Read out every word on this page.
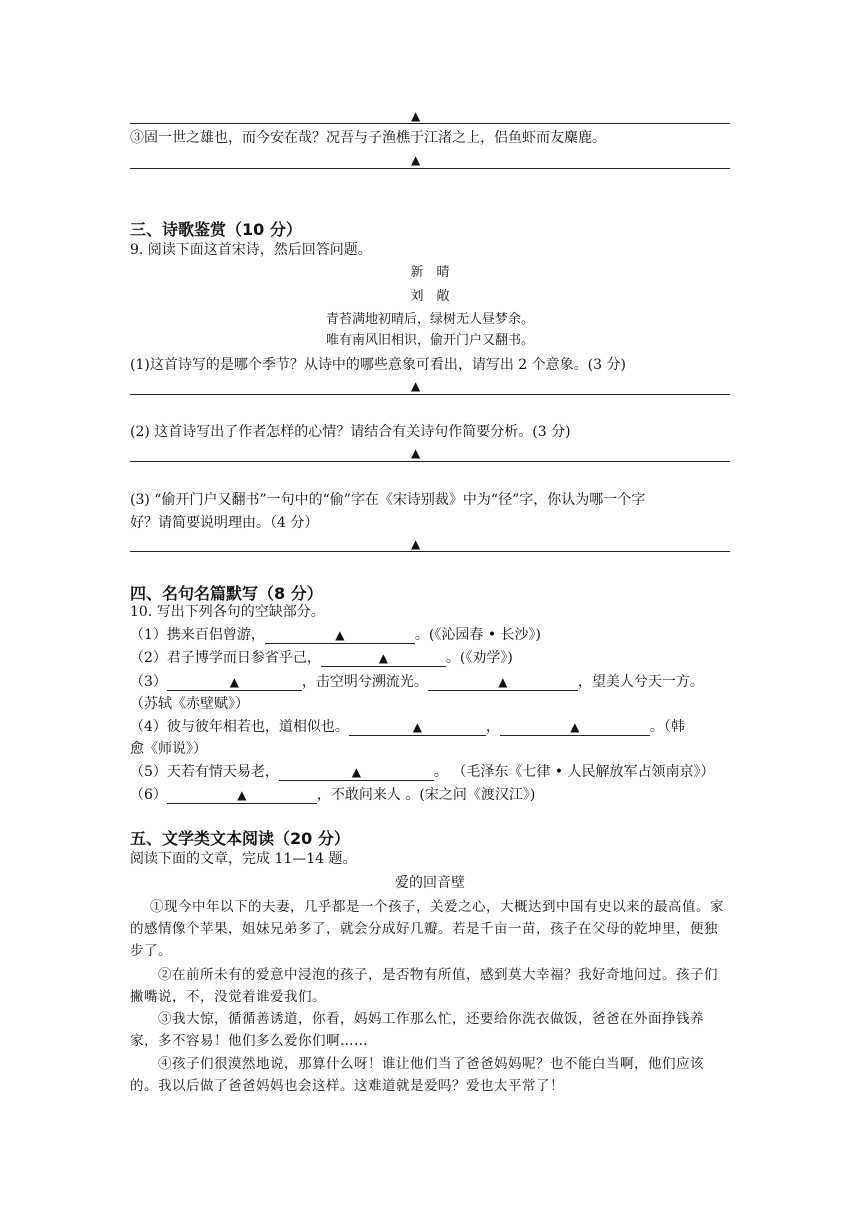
▲
③固一世之雄也，而今安在哉？况吾与子渔樵于江渚之上，侣鱼虾而友麋鹿。
▲
三、诗歌鉴赏（10 分）
9. 阅读下面这首宋诗，然后回答问题。
新　晴
刘　敞
青苔满地初晴后，绿树无人昼梦余。
唯有南风旧相识，偷开门户又翻书。
(1)这首诗写的是哪个季节？从诗中的哪些意象可看出，请写出 2 个意象。(3 分)
▲
(2) 这首诗写出了作者怎样的心情？请结合有关诗句作简要分析。(3 分)
▲
(3) “偷开门户又翻书”一句中的“偷”字在《宋诗别裁》中为“径”字，你认为哪一个字
好？请简要说明理由。（4 分）
▲
四、名句名篇默写（8 分）
10. 写出下列各句的空缺部分。
（1）携来百侣曾游，	▲	。(《沁园春 • 长沙》)
（2）君子博学而日参省乎己，	▲	。(《劝学》)
（3）	▲	，击空明兮溯流光。	▲	，望美人兮天一方。
（苏轼《赤壁赋》）
（4）彼与彼年相若也，道相似也。	▲	，	▲	。（韩
愈《师说》）
（5）天若有情天易老，	▲	。 （毛泽东《七律 • 人民解放军占领南京》）
（6）	▲	，不敢问来人 。(宋之问《渡汉江》)
五、文学类文本阅读（20 分）
阅读下面的文章，完成 11—14 题。
爱的回音壁
①现今中年以下的夫妻，几乎都是一个孩子，关爱之心，大概达到中国有史以来的最高值。家的感情像个苹果，姐妹兄弟多了，就会分成好几瓣。若是千亩一苗，孩子在父母的乾坤里，便独步了。
②在前所未有的爱意中浸泡的孩子，是否物有所值，感到莫大幸福？我好奇地问过。孩子们撇嘴说，不，没觉着谁爱我们。
③我大惊，循循善诱道，你看，妈妈工作那么忙，还要给你洗衣做饭，爸爸在外面挣钱养家，多不容易！他们多么爱你们啊……
④孩子们很漠然地说，那算什么呀！谁让他们当了爸爸妈妈呢？也不能白当啊，他们应该的。我以后做了爸爸妈妈也会这样。这难道就是爱吗？爱也太平常了！
